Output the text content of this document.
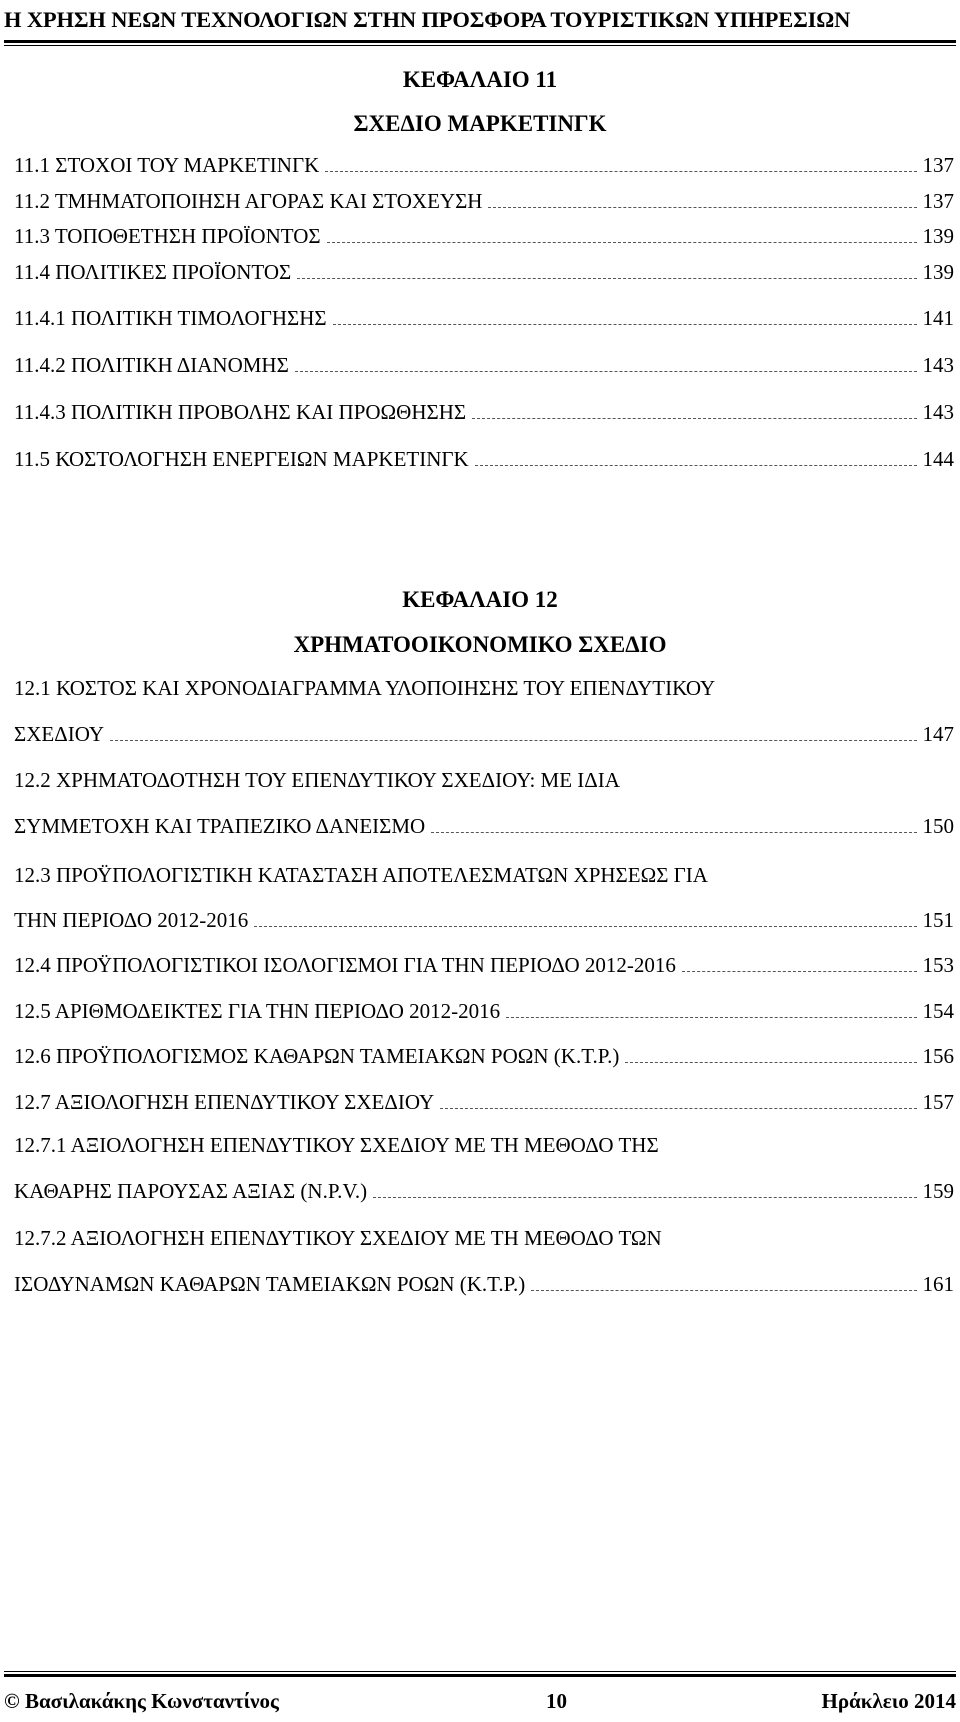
Η ΧΡΗΣΗ ΝΕΩΝ ΤΕΧΝΟΛΟΓΙΩΝ ΣΤΗΝ ΠΡΟΣΦΟΡΑ ΤΟΥΡΙΣΤΙΚΩΝ ΥΠΗΡΕΣΙΩΝ
ΚΕΦΑΛΑΙΟ 11
ΣΧΕΔΙΟ ΜΑΡΚΕΤΙΝΓΚ
11.1 ΣΤΟΧΟΙ ΤΟΥ ΜΑΡΚΕΤΙΝΓΚ	137
11.2 ΤΜΗΜΑΤΟΠΟΙΗΣΗ ΑΓΟΡΑΣ ΚΑΙ ΣΤΟΧΕΥΣΗ	137
11.3 ΤΟΠΟΘΕΤΗΣΗ ΠΡΟΪΟΝΤΟΣ	139
11.4 ΠΟΛΙΤΙΚΕΣ ΠΡΟΪΟΝΤΟΣ	139
11.4.1 ΠΟΛΙΤΙΚΗ ΤΙΜΟΛΟΓΗΣΗΣ	141
11.4.2 ΠΟΛΙΤΙΚΗ ΔΙΑΝΟΜΗΣ	143
11.4.3 ΠΟΛΙΤΙΚΗ ΠΡΟΒΟΛΗΣ ΚΑΙ ΠΡΟΩΘΗΣΗΣ	143
11.5 ΚΟΣΤΟΛΟΓΗΣΗ ΕΝΕΡΓΕΙΩΝ ΜΑΡΚΕΤΙΝΓΚ	144
ΚΕΦΑΛΑΙΟ 12
ΧΡΗΜΑΤΟΟΙΚΟΝΟΜΙΚΟ ΣΧΕΔΙΟ
12.1 ΚΟΣΤΟΣ ΚΑΙ ΧΡΟΝΟΔΙΑΓΡΑΜΜΑ ΥΛΟΠΟΙΗΣΗΣ ΤΟΥ ΕΠΕΝΔΥΤΙΚΟΥ
ΣΧΕΔΙΟΥ	147
12.2 ΧΡΗΜΑΤΟΔΟΤΗΣΗ ΤΟΥ ΕΠΕΝΔΥΤΙΚΟΥ ΣΧΕΔΙΟΥ: ΜΕ ΙΔΙΑ
ΣΥΜΜΕΤΟΧΗ ΚΑΙ ΤΡΑΠΕΖΙΚΟ ΔΑΝΕΙΣΜΟ	150
12.3 ΠΡΟΫΠΟΛΟΓΙΣΤΙΚΗ ΚΑΤΑΣΤΑΣΗ ΑΠΟΤΕΛΕΣΜΑΤΩΝ ΧΡΗΣΕΩΣ ΓΙΑ
ΤΗΝ ΠΕΡΙΟΔΟ 2012-2016	151
12.4 ΠΡΟΫΠΟΛΟΓΙΣΤΙΚΟΙ ΙΣΟΛΟΓΙΣΜΟΙ ΓΙΑ ΤΗΝ ΠΕΡΙΟΔΟ 2012-2016	153
12.5 ΑΡΙΘΜΟΔΕΙΚΤΕΣ ΓΙΑ ΤΗΝ ΠΕΡΙΟΔΟ 2012-2016	154
12.6 ΠΡΟΫΠΟΛΟΓΙΣΜΟΣ ΚΑΘΑΡΩΝ ΤΑΜΕΙΑΚΩΝ ΡΟΩΝ (Κ.Τ.Ρ.)	156
12.7 ΑΞΙΟΛΟΓΗΣΗ ΕΠΕΝΔΥΤΙΚΟΥ ΣΧΕΔΙΟΥ	157
12.7.1 ΑΞΙΟΛΟΓΗΣΗ ΕΠΕΝΔΥΤΙΚΟΥ ΣΧΕΔΙΟΥ ΜΕ ΤΗ ΜΕΘΟΔΟ ΤΗΣ
ΚΑΘΑΡΗΣ ΠΑΡΟΥΣΑΣ ΑΞΙΑΣ (N.P.V.)	159
12.7.2 ΑΞΙΟΛΟΓΗΣΗ ΕΠΕΝΔΥΤΙΚΟΥ ΣΧΕΔΙΟΥ ΜΕ ΤΗ ΜΕΘΟΔΟ ΤΩΝ
ΙΣΟΔΥΝΑΜΩΝ ΚΑΘΑΡΩΝ ΤΑΜΕΙΑΚΩΝ ΡΟΩΝ (Κ.Τ.Ρ.)	161
© Βασιλακάκης Κωνσταντίνος	10	Ηράκλειο 2014
